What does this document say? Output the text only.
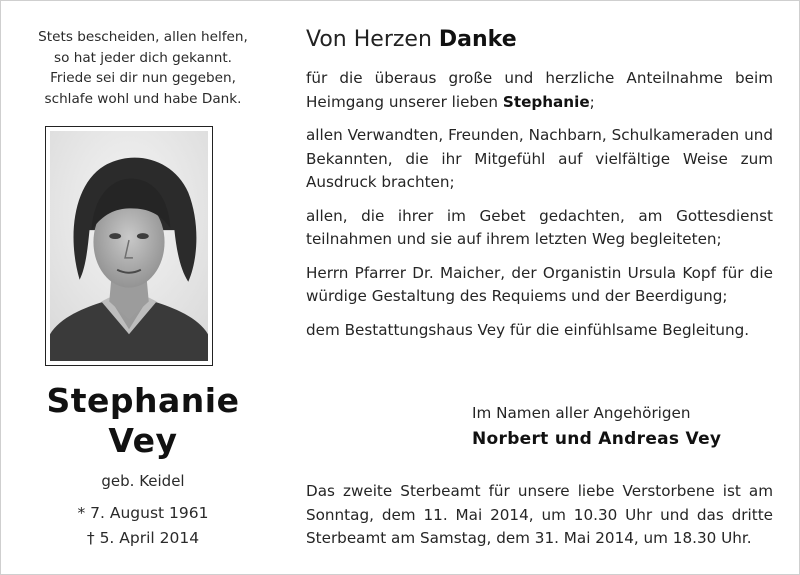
Stets bescheiden, allen helfen,
so hat jeder dich gekannt.
Friede sei dir nun gegeben,
schlafe wohl und habe Dank.
Stephanie
Vey
geb. Keidel
* 7. August 1961
† 5. April 2014
Von Herzen Danke

für die überaus große und herzliche Anteilnahme beim Heimgang unserer lieben Stephanie;

allen Verwandten, Freunden, Nachbarn, Schulkameraden und Bekannten, die ihr Mitgefühl auf vielfältige Weise zum Ausdruck brachten;

allen, die ihrer im Gebet gedachten, am Gottesdienst teilnahmen und sie auf ihrem letzten Weg begleiteten;

Herrn Pfarrer Dr. Maicher, der Organistin Ursula Kopf für die würdige Gestaltung des Requiems und der Beerdigung;

dem Bestattungshaus Vey für die einfühlsame Begleitung.

Im Namen aller Angehörigen
Norbert und Andreas Vey

Das zweite Sterbeamt für unsere liebe Verstorbene ist am Sonntag, dem 11. Mai 2014, um 10.30 Uhr und das dritte Sterbeamt am Samstag, dem 31. Mai 2014, um 18.30 Uhr.
